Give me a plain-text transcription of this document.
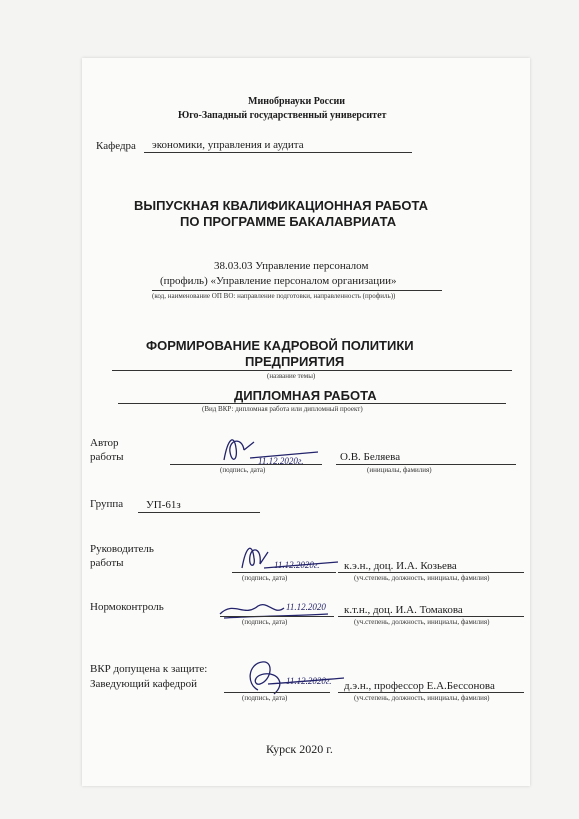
Минобрнауки России
Юго-Западный государственный университет
Кафедра экономики, управления и аудита
ВЫПУСКНАЯ КВАЛИФИКАЦИОННАЯ РАБОТА
ПО ПРОГРАММЕ БАКАЛАВРИАТА
38.03.03 Управление персоналом
(профиль) «Управление персоналом организации»
(код, наименование ОП ВО: направление подготовки, направленность (профиль))
ФОРМИРОВАНИЕ КАДРОВОЙ ПОЛИТИКИ
ПРЕДПРИЯТИЯ
(название темы)
ДИПЛОМНАЯ РАБОТА
(Вид ВКР: дипломная работа или дипломный проект)
Автор
работы	11.12.2020г.
(подпись, дата)
О.В. Беляева
(инициалы, фамилия)
Группа УП-61з
Руководитель
работы	11.12.2020г.
(подпись, дата)
к.э.н., доц. И.А. Козьева
(уч.степень, должность, инициалы, фамилия)
Нормоконтроль	11.12.2020
(подпись, дата)
к.т.н., доц. И.А. Томакова
(уч.степень, должность, инициалы, фамилия)
ВКР допущена к защите:
Заведующий кафедрой	11.12.2020г.
(подпись, дата)
д.э.н., профессор Е.А.Бессонова
(уч.степень, должность, инициалы, фамилия)
Курск 2020 г.
